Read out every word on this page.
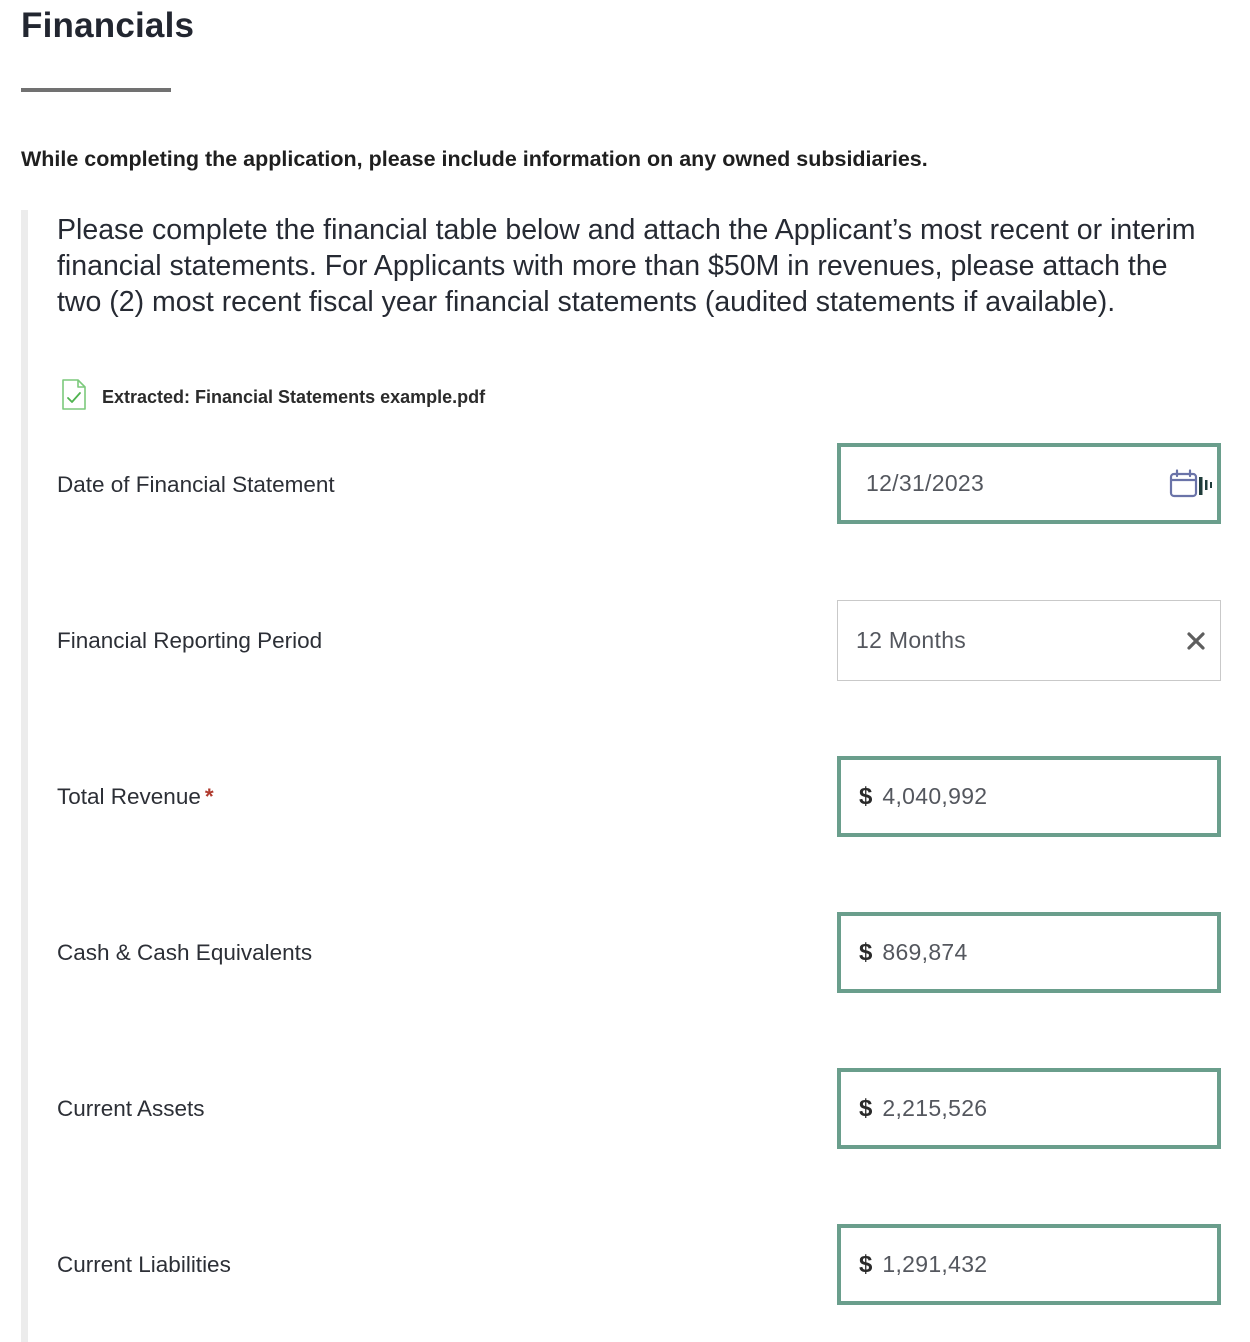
Financials

While completing the application, please include information on any owned subsidiaries.

Please complete the financial table below and attach the Applicant’s most recent or interim financial statements. For Applicants with more than $50M in revenues, please attach the two (2) most recent fiscal year financial statements (audited statements if available).

Extracted: Financial Statements example.pdf
Date of Financial Statement	12/31/2023
Financial Reporting Period	12 Months
Total Revenue *	$ 4,040,992
Cash & Cash Equivalents	$ 869,874
Current Assets	$ 2,215,526
Current Liabilities	$ 1,291,432
